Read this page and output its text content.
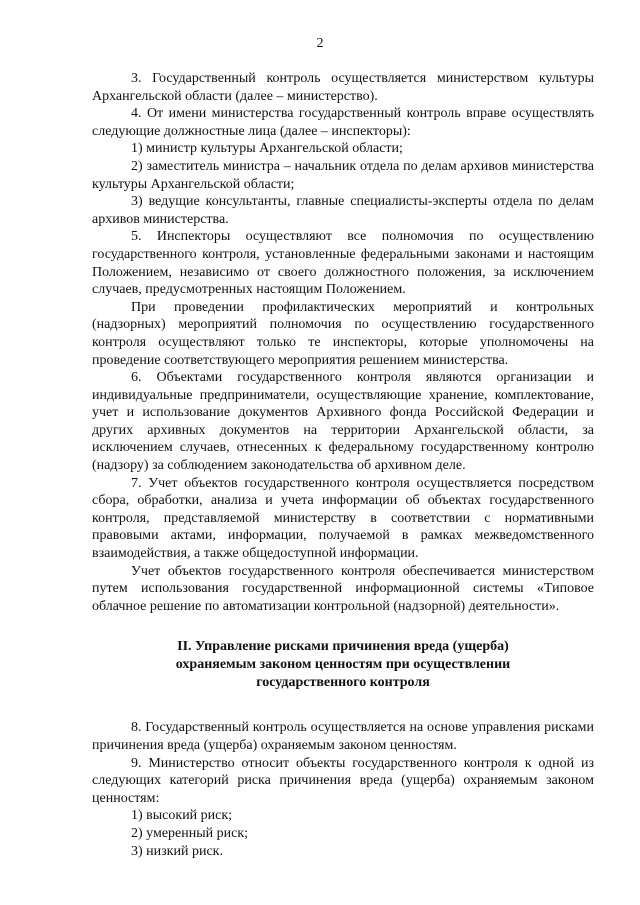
2

3. Государственный контроль осуществляется министерством культуры Архангельской области (далее – министерство).

4. От имени министерства государственный контроль вправе осуществлять следующие должностные лица (далее – инспекторы):

1) министр культуры Архангельской области;

2) заместитель министра – начальник отдела по делам архивов министерства культуры Архангельской области;

3) ведущие консультанты, главные специалисты-эксперты отдела по делам архивов министерства.

5. Инспекторы осуществляют все полномочия по осуществлению государственного контроля, установленные федеральными законами и настоящим Положением, независимо от своего должностного положения, за исключением случаев, предусмотренных настоящим Положением.

При проведении профилактических мероприятий и контрольных (надзорных) мероприятий полномочия по осуществлению государственного контроля осуществляют только те инспекторы, которые уполномочены на проведение соответствующего мероприятия решением министерства.

6. Объектами государственного контроля являются организации и индивидуальные предприниматели, осуществляющие хранение, комплектование, учет и использование документов Архивного фонда Российской Федерации и других архивных документов на территории Архангельской области, за исключением случаев, отнесенных к федеральному государственному контролю (надзору) за соблюдением законодательства об архивном деле.

7. Учет объектов государственного контроля осуществляется посредством сбора, обработки, анализа и учета информации об объектах государственного контроля, представляемой министерству в соответствии с нормативными правовыми актами, информации, получаемой в рамках межведомственного взаимодействия, а также общедоступной информации.

Учет объектов государственного контроля обеспечивается министерством путем использования государственной информационной системы «Типовое облачное решение по автоматизации контрольной (надзорной) деятельности».

II. Управление рисками причинения вреда (ущерба)
охраняемым законом ценностям при осуществлении
государственного контроля

8. Государственный контроль осуществляется на основе управления рисками причинения вреда (ущерба) охраняемым законом ценностям.

9. Министерство относит объекты государственного контроля к одной из следующих категорий риска причинения вреда (ущерба) охраняемым законом ценностям:

1) высокий риск;

2) умеренный риск;

3) низкий риск.
